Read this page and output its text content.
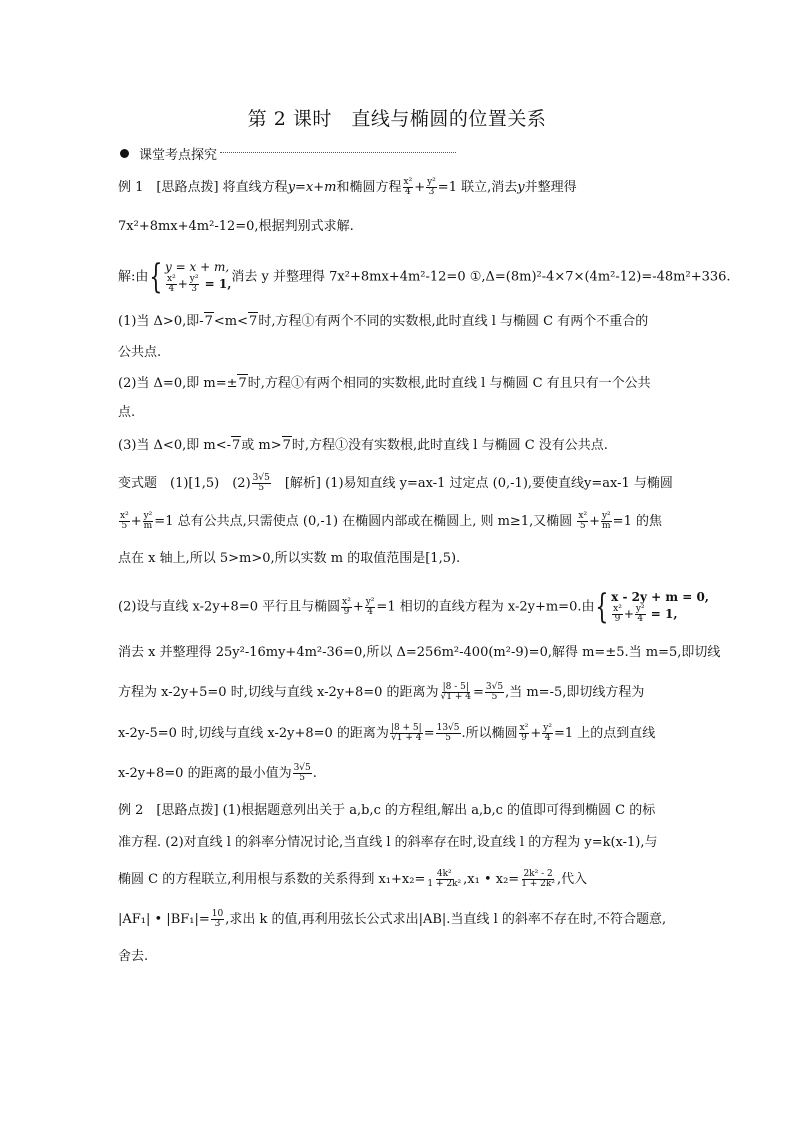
第 2 课时　直线与椭圆的位置关系
课堂考点探究
例 1　[思路点拨] 将直线方程y=x+m和椭圆方程 $\frac{\text{x²}}{4} + \frac{\text{y²}}{3} =1$ 联立,消去y并整理得
7x²+8mx+4m²-12=0,根据判别式求解.
解:由 { y = x + m,
$\frac{\text{x²}}{4} + \frac{\text{y²}}{3} = 1$, 消去 y 并整理得 7x²+8mx+4m²-12=0 ①,Δ=(8m)²-4×7×(4m²-12)=-48m²+336.
(1)当 Δ>0,即-7<m<7时,方程①有两个不同的实数根,此时直线 l 与椭圆 C 有两个不重合的
公共点.
(2)当 Δ=0,即 m=±7时,方程①有两个相同的实数根,此时直线 l 与椭圆 C 有且只有一个公共
点.
(3)当 Δ<0,即 m<-7或 m>7时,方程①没有实数根,此时直线 l 与椭圆 C 没有公共点.
变式题　(1)[1,5)　$(2) \frac{3√5}{5}$ 　[解析] (1)易知直线 y=ax-1 过定点 (0,-1),要使直线y=ax-1 与椭圆
$\frac{\text{x²}}{5} + \frac{\text{y²}}{m} =1$ 总有公共点,只需使点 (0,-1) 在椭圆内部或在椭圆上, 则 m≥1,又椭圆 $\frac{\text{x²}}{5} + \frac{\text{y²}}{m} =1$ 的焦
点在 x 轴上,所以 5>m>0,所以实数 m 的取值范围是[1,5).
(2)设与直线 x-2y+8=0 平行且与椭圆 $\frac{\text{x²}}{9} + \frac{\text{y²}}{4} =1$ 相切的直线方程为 x-2y+m=0.由 { x - 2y + m = 0,
$\frac{\text{x²}}{9} + \frac{\text{y²}}{4} = 1$,
消去 x 并整理得 25y²-16my+4m²-36=0,所以 Δ=256m²-400(m²-9)=0,解得 m=±5.当 m=5,即切线
方程为 x-2y+5=0 时,切线与直线 x-2y+8=0 的距离为 $\frac{|8 - 5|}{√1 + 4} = \frac{3√5}{5}$ ,当 m=-5,即切线方程为
x-2y-5=0 时,切线与直线 x-2y+8=0 的距离为 $\frac{|8 + 5|}{√1 + 4} = \frac{13√5}{5}$ .所以椭圆 $\frac{\text{x²}}{9} + \frac{\text{y²}}{4} =1$ 上的点到直线
x-2y+8=0 的距离的最小值为 $\frac{3√5}{5}$ .
例 2　[思路点拨] (1)根据题意列出关于 a,b,c 的方程组,解出 a,b,c 的值即可得到椭圆 C 的标
准方程. (2)对直线 l 的斜率分情况讨论,当直线 l 的斜率存在时,设直线 l 的方程为 y=k(x-1),与
椭圆 C 的方程联立,利用根与系数的关系得到 $x_1+x_2= \frac{\text{4k²}}{\text{1 + 2k²}} ,x_1$ • $x_2= \frac{\text{2k² - 2}}{\text{1 + 2k²}}$ ,代入
|AF₁| • $|BF_1|= \frac{10}{3}$ ,求出 k 的值,再利用弦长公式求出|AB|.当直线 l 的斜率不存在时,不符合题意,
舍去.
